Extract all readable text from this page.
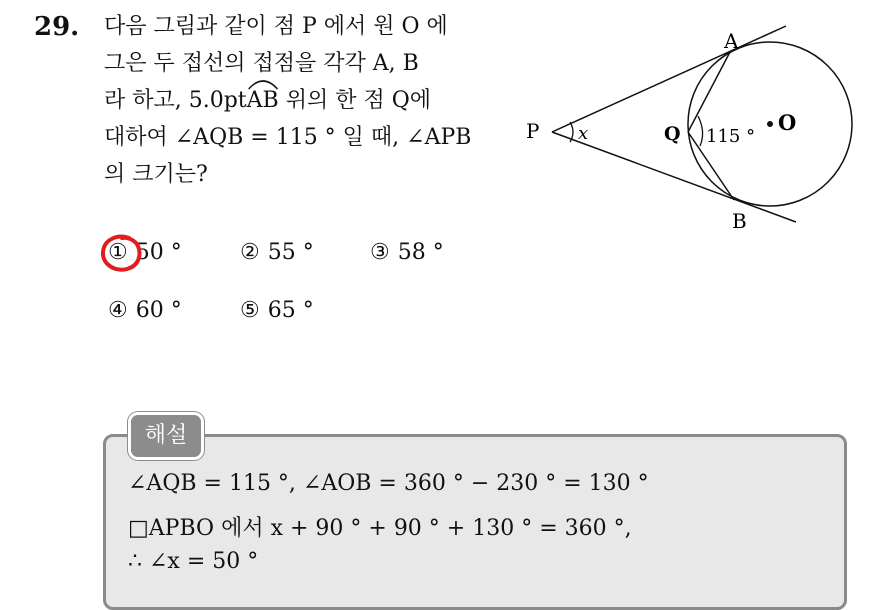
29. 다음 그림과 같이 점 P 에서 원 O 에
그은 두 접선의 접점을 각각 A, B
라 하고, 5.0pt
AB 위의 한 점 Q에
대하여 ∠AQB = 115 ° 일 때, ∠APB
의 크기는?
① 50 °	② 55 °	③ 58 °
④ 60 °	⑤ 65 °
A
B
P	Q	O
x	115 °
∠AQB = 115 °, ∠AOB = 360 ° − 230 ° = 130 °
□APBO 에서 x + 90 ° + 90 ° + 130 ° = 360 °,
∴ ∠x = 50 °
해설
